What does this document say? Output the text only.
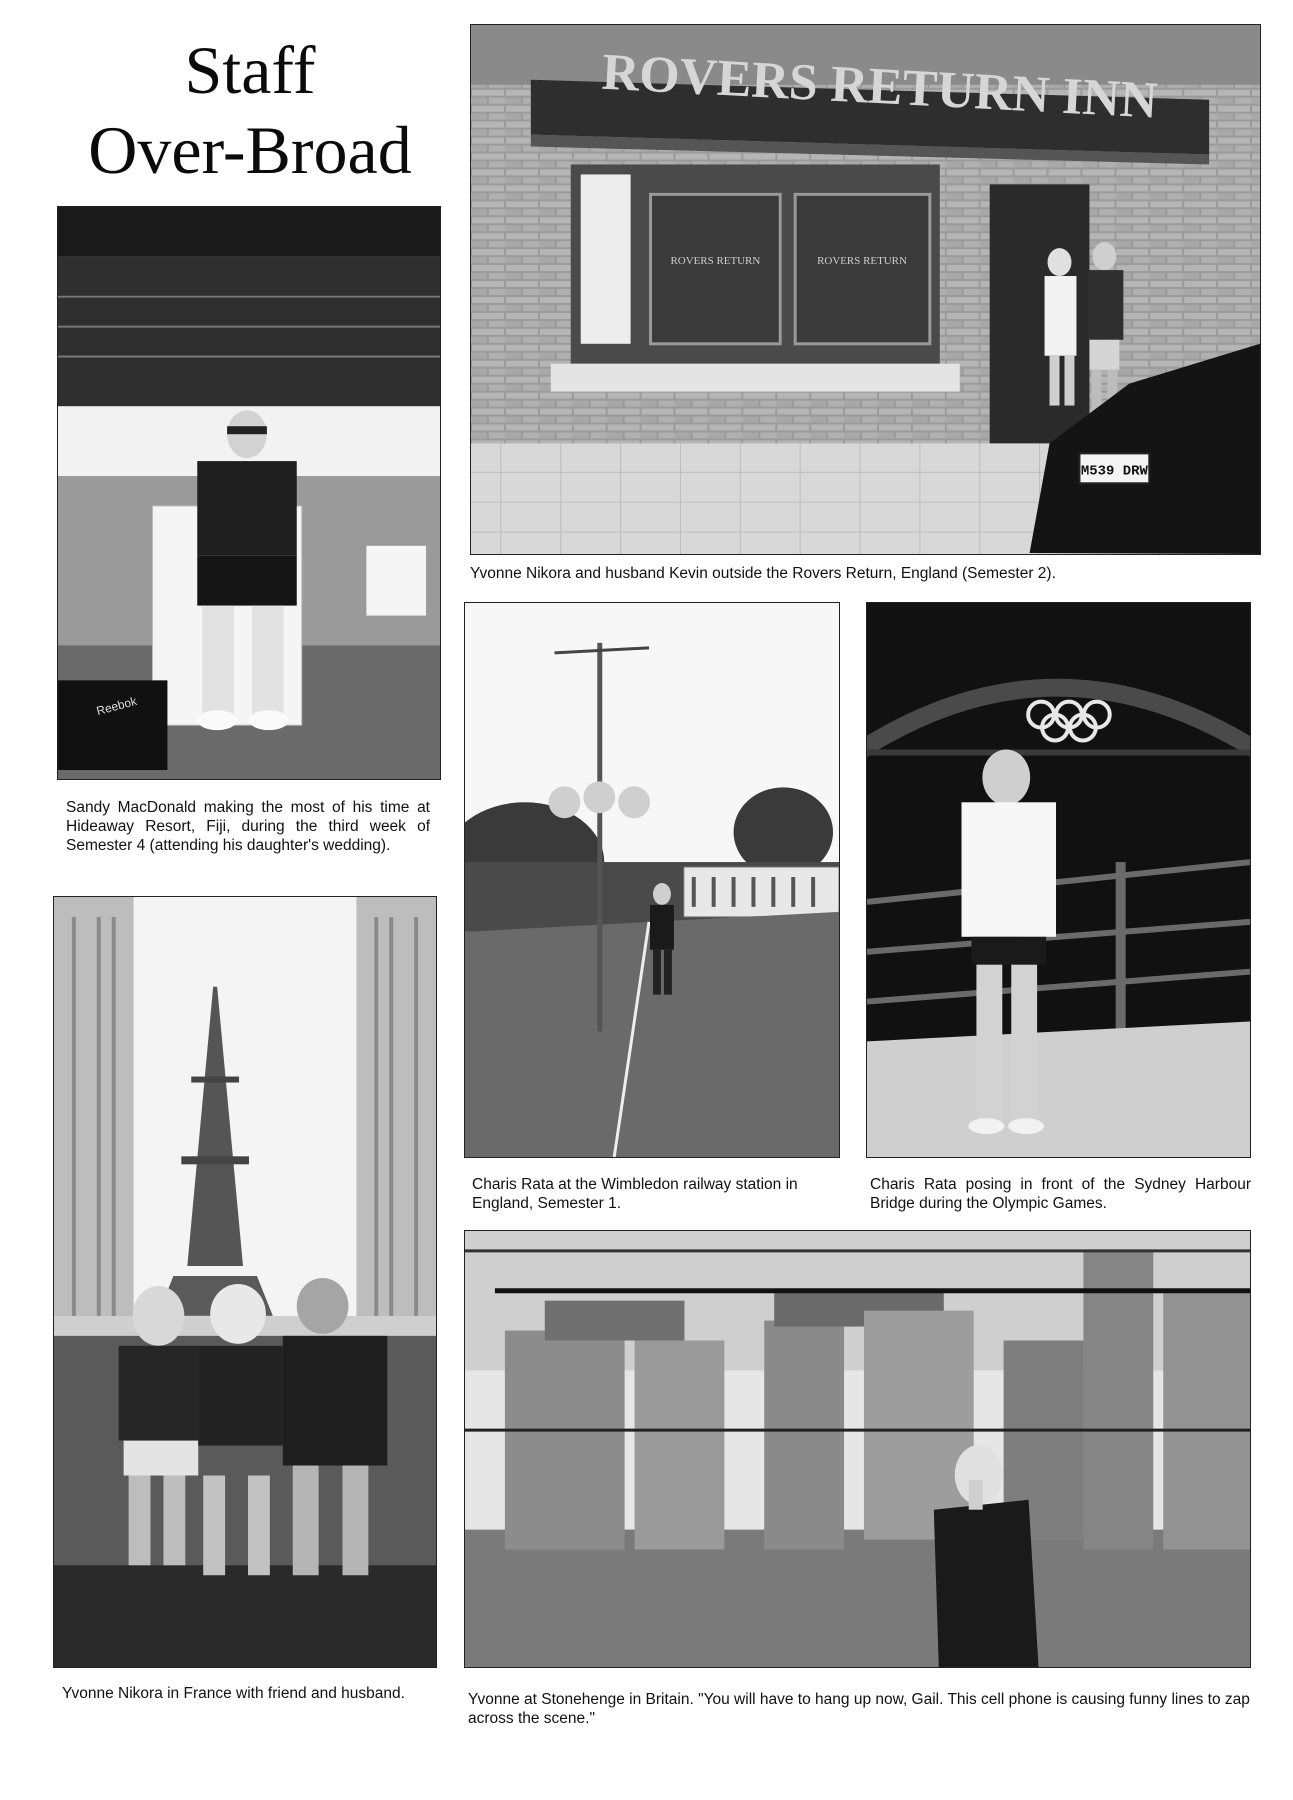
Staff
Over-Broad
ROVERS RETURN INN
ROVERS RETURN	ROVERS RETURN
M539 DRW
Yvonne Nikora and husband Kevin outside the Rovers Return, England (Semester 2).
Reebok
Sandy MacDonald making the most of his time at Hideaway Resort, Fiji, during the third week of Semester 4 (attending his daughter's wedding).
Charis Rata at the Wimbledon railway station in England, Semester 1.
Charis Rata posing in front of the Sydney Harbour Bridge during the Olympic Games.
Yvonne Nikora in France with friend and husband.	Yvonne at Stonehenge in Britain. "You will have to hang up now, Gail. This cell phone is causing funny lines to zap across the scene."
